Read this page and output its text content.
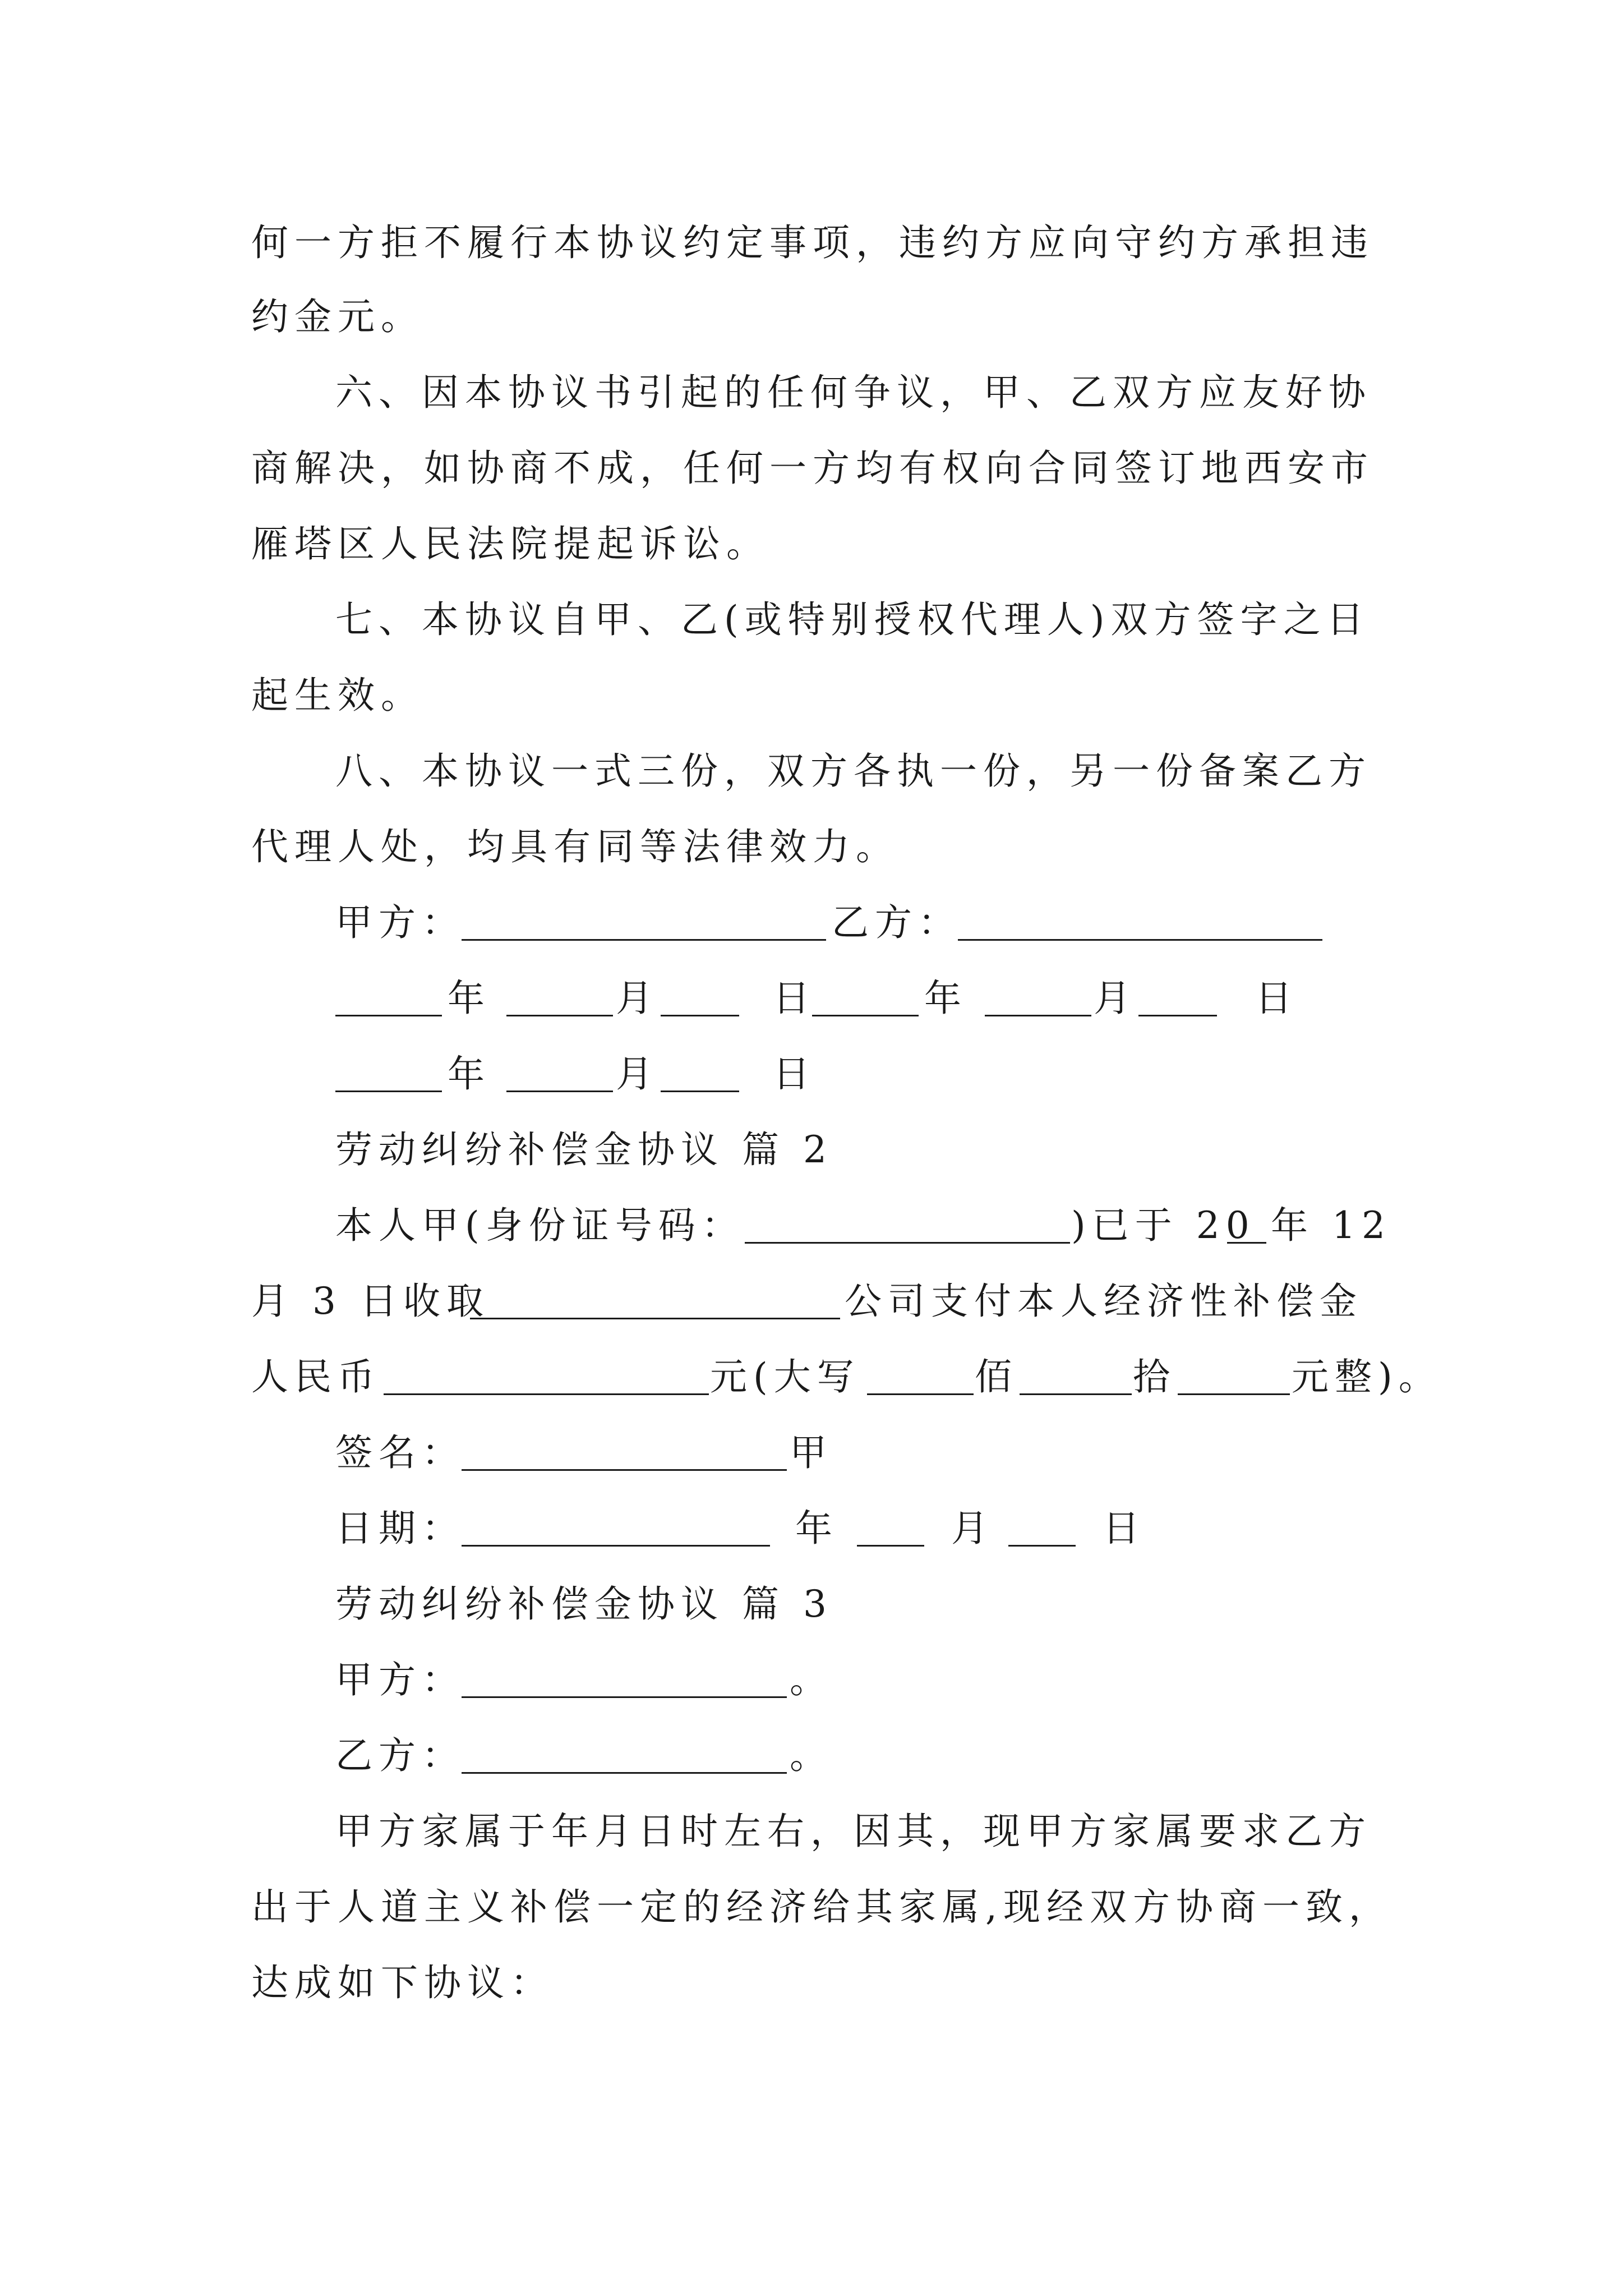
何一方拒不履行本协议约定事项，违约方应向守约方承担违
约金元。
六、因本协议书引起的任何争议，甲、乙双方应友好协
商解决，如协商不成，任何一方均有权向合同签订地西安市
雁塔区人民法院提起诉讼。
七、本协议自甲、乙(或特别授权代理人)双方签字之日
起生效。
八、本协议一式三份，双方各执一份，另一份备案乙方
代理人处，均具有同等法律效力。
甲方：	乙方：
年	月	日	年	月	日
年	月	日
劳动纠纷补偿金协议 篇 2
本人甲(身份证号码：	)已于 20 年 12
月 3 日收取	公司支付本人经济性补偿金
人民币	元(大写	佰	拾	元整)。
签名：	甲
日期：	年	月	日
劳动纠纷补偿金协议 篇 3
甲方：	。
乙方：	。
甲方家属于年月日时左右，因其，现甲方家属要求乙方
出于人道主义补偿一定的经济给其家属,现经双方协商一致，
达成如下协议：
